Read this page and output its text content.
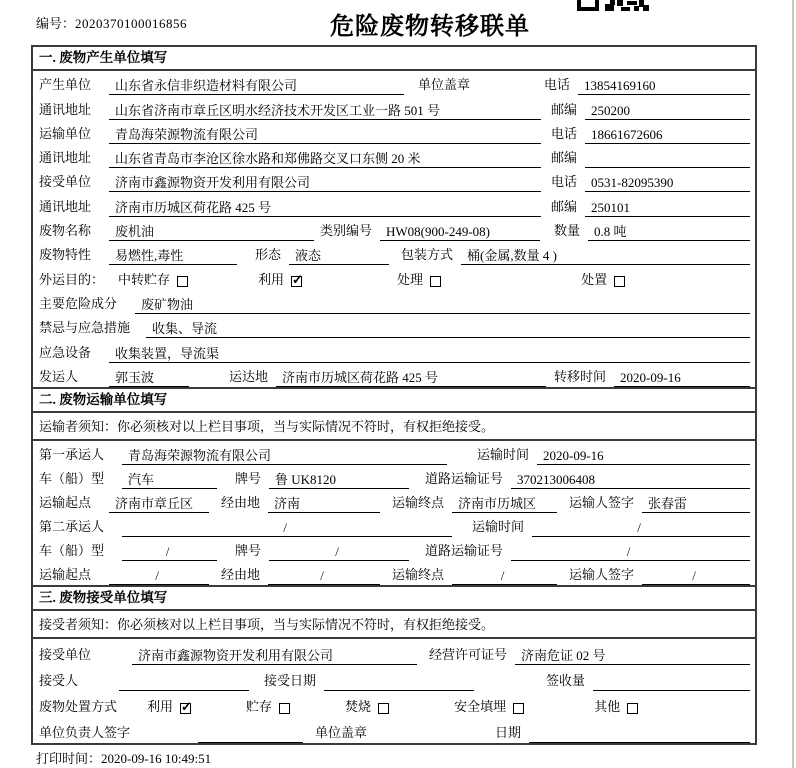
编号：2020370100016856	危险废物转移联单
一. 废物产生单位填写
产生单位	山东省永信非织造材料有限公司	单位盖章	电话	13854169160
通讯地址	山东省济南市章丘区明水经济技术开发区工业一路 501 号	邮编	250200
运输单位	青岛海荣源物流有限公司	电话	18661672606
通讯地址	山东省青岛市李沧区徐水路和郑佛路交叉口东侧 20 米	邮编
接受单位	济南市鑫源物资开发利用有限公司	电话	0531-82095390
通讯地址	济南市历城区荷花路 425 号	邮编	250101
废物名称	废机油	类别编号	HW08(900-249-08)	数量	0.8 吨
废物特性	易燃性,毒性	形态	液态	包装方式	桶(金属,数量 4 )
外运目的： 中转贮存	利用 ✓	处理	处置
主要危险成分	废矿物油
禁忌与应急措施	收集、导流
应急设备	收集装置，导流渠
发运人	郭玉波	运达地	济南市历城区荷花路 425 号	转移时间	2020-09-16
二. 废物运输单位填写
运输者须知：你必须核对以上栏目事项，当与实际情况不符时，有权拒绝接受。
第一承运人	青岛海荣源物流有限公司	运输时间	2020-09-16
车（船）型	汽车	牌号	鲁 UK8120	道路运输证号	370213006408
运输起点	济南市章丘区	经由地	济南	运输终点	济南市历城区	运输人签字	张春雷
第二承运人	/	运输时间	/
车（船）型	/	牌号	/	道路运输证号	/
运输起点	/	经由地	/	运输终点	/	运输人签字	/
三. 废物接受单位填写
接受者须知：你必须核对以上栏目事项，当与实际情况不符时，有权拒绝接受。
接受单位	济南市鑫源物资开发利用有限公司	经营许可证号	济南危证 02 号
接受人	接受日期	签收量
废物处置方式 利用 ✓	贮存	焚烧	安全填埋	其他
单位负责人签字	单位盖章	日期
打印时间：2020-09-16 10:49:51
